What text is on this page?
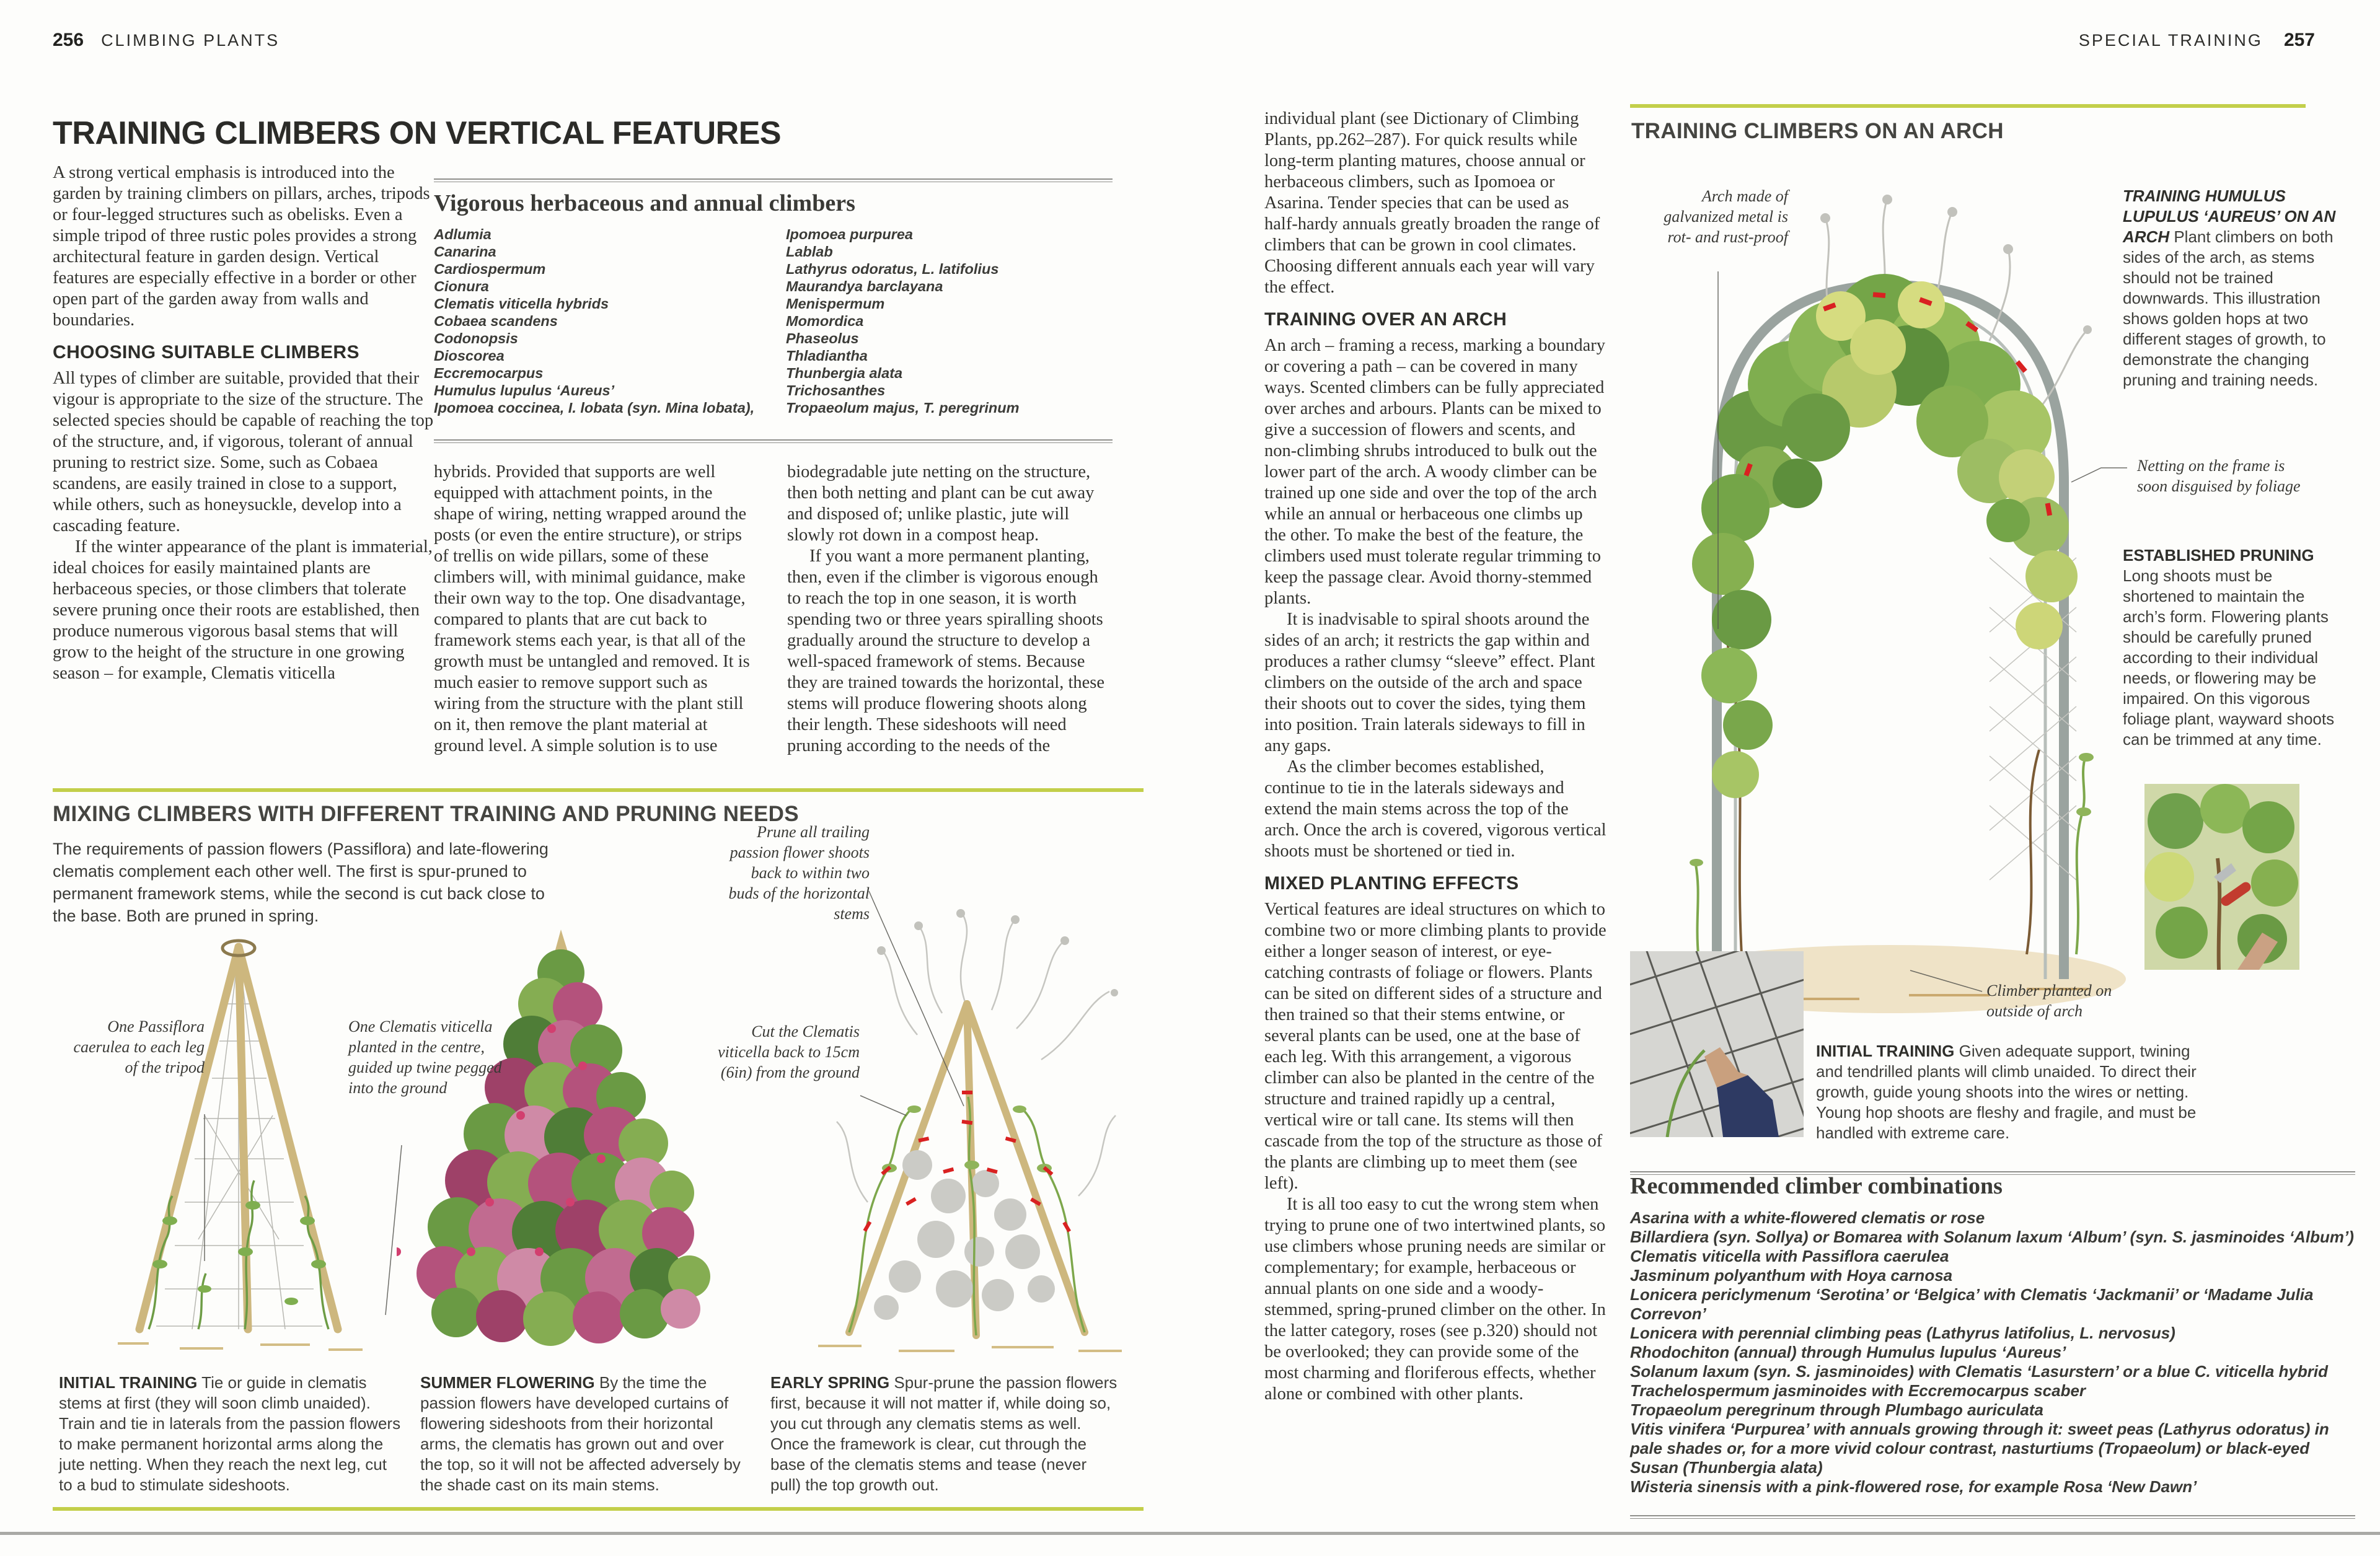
256 CLIMBING PLANTS
TRAINING CLIMBERS ON VERTICAL FEATURES
A strong vertical emphasis is introduced into the garden by training climbers on pillars, arches, tripods or four-legged structures such as obelisks. Even a simple tripod of three rustic poles provides a strong architectural feature in garden design. Vertical features are especially effective in a border or other open part of the garden away from walls and boundaries.
CHOOSING SUITABLE CLIMBERS
All types of climber are suitable, provided that their vigour is appropriate to the size of the structure. The selected species should be capable of reaching the top of the structure, and, if vigorous, tolerant of annual pruning to restrict size. Some, such as Cobaea scandens, are easily trained in close to a support, while others, such as honeysuckle, develop into a cascading feature.
If the winter appearance of the plant is immaterial, ideal choices for easily maintained plants are herbaceous species, or those climbers that tolerate severe pruning once their roots are established, then produce numerous vigorous basal stems that will grow to the height of the structure in one growing season – for example, Clematis viticella
Vigorous herbaceous and annual climbers
Adlumia
Canarina
Cardiospermum
Cionura
Clematis viticella hybrids
Cobaea scandens
Codonopsis
Dioscorea
Eccremocarpus
Humulus lupulus ‘Aureus’
Ipomoea coccinea, I. lobata (syn. Mina lobata),
Ipomoea purpurea
Lablab
Lathyrus odoratus, L. latifolius
Maurandya barclayana
Menispermum
Momordica
Phaseolus
Thladiantha
Thunbergia alata
Trichosanthes
Tropaeolum majus, T. peregrinum
hybrids. Provided that supports are well equipped with attachment points, in the shape of wiring, netting wrapped around the posts (or even the entire structure), or strips of trellis on wide pillars, some of these climbers will, with minimal guidance, make their own way to the top. One disadvantage, compared to plants that are cut back to framework stems each year, is that all of the growth must be untangled and removed. It is much easier to remove support such as wiring from the structure with the plant still on it, then remove the plant material at ground level. A simple solution is to use
biodegradable jute netting on the structure, then both netting and plant can be cut away and disposed of; unlike plastic, jute will slowly rot down in a compost heap.
If you want a more permanent planting, then, even if the climber is vigorous enough to reach the top in one season, it is worth spending two or three years spiralling shoots gradually around the structure to develop a well-spaced framework of stems. Because they are trained towards the horizontal, these stems will produce flowering shoots along their length. These sideshoots will need pruning according to the needs of the
MIXING CLIMBERS WITH DIFFERENT TRAINING AND PRUNING NEEDS
The requirements of passion flowers (Passiflora) and late-flowering clematis complement each other well. The first is spur-pruned to permanent framework stems, while the second is cut back close to the base. Both are pruned in spring.
One Passiflora caerulea to each leg of the tripod
One Clematis viticella planted in the centre, guided up twine pegged into the ground
Prune all trailing passion flower shoots back to within two buds of the horizontal stems
Cut the Clematis viticella back to 15cm (6in) from the ground
INITIAL TRAINING Tie or guide in clematis stems at first (they will soon climb unaided). Train and tie in laterals from the passion flowers to make permanent horizontal arms along the jute netting. When they reach the next leg, cut to a bud to stimulate sideshoots.
SUMMER FLOWERING By the time the passion flowers have developed curtains of flowering sideshoots from their horizontal arms, the clematis has grown out and over the top, so it will not be affected adversely by the shade cast on its main stems.
EARLY SPRING Spur-prune the passion flowers first, because it will not matter if, while doing so, you cut through any clematis stems as well. Once the framework is clear, cut through the base of the clematis stems and tease (never pull) the top growth out.
SPECIAL TRAINING 257
individual plant (see Dictionary of Climbing Plants, pp.262–287). For quick results while long-term planting matures, choose annual or herbaceous climbers, such as Ipomoea or Asarina. Tender species that can be used as half-hardy annuals greatly broaden the range of climbers that can be grown in cool climates. Choosing different annuals each year will vary the effect.
TRAINING OVER AN ARCH
An arch – framing a recess, marking a boundary or covering a path – can be covered in many ways. Scented climbers can be fully appreciated over arches and arbours. Plants can be mixed to give a succession of flowers and scents, and non-climbing shrubs introduced to bulk out the lower part of the arch. A woody climber can be trained up one side and over the top of the arch while an annual or herbaceous one climbs up the other. To make the best of the feature, the climbers used must tolerate regular trimming to keep the passage clear. Avoid thorny-stemmed plants.
It is inadvisable to spiral shoots around the sides of an arch; it restricts the gap within and produces a rather clumsy “sleeve” effect. Plant climbers on the outside of the arch and space their shoots out to cover the sides, tying them into position. Train laterals sideways to fill in any gaps.
As the climber becomes established, continue to tie in the laterals sideways and extend the main stems across the top of the arch. Once the arch is covered, vigorous vertical shoots must be shortened or tied in.
MIXED PLANTING EFFECTS
Vertical features are ideal structures on which to combine two or more climbing plants to provide either a longer season of interest, or eye-catching contrasts of foliage or flowers. Plants can be sited on different sides of a structure and then trained so that their stems entwine, or several plants can be used, one at the base of each leg. With this arrangement, a vigorous climber can also be planted in the centre of the structure and trained rapidly up a central, vertical wire or tall cane. Its stems will then cascade from the top of the structure as those of the plants are climbing up to meet them (see left).
It is all too easy to cut the wrong stem when trying to prune one of two intertwined plants, so use climbers whose pruning needs are similar or complementary; for example, herbaceous or annual plants on one side and a woody-stemmed, spring-pruned climber on the other. In the latter category, roses (see p.320) should not be overlooked; they can provide some of the most charming and floriferous effects, whether alone or combined with other plants.
TRAINING CLIMBERS ON AN ARCH
Arch made of galvanized metal is rot- and rust-proof
TRAINING HUMULUS LUPULUS ‘AUREUS’ ON AN ARCH Plant climbers on both sides of the arch, as stems should not be trained downwards. This illustration shows golden hops at two different stages of growth, to demonstrate the changing pruning and training needs.
Netting on the frame is soon disguised by foliage
ESTABLISHED PRUNING Long shoots must be shortened to maintain the arch’s form. Flowering plants should be carefully pruned according to their individual needs, or flowering may be impaired. On this vigorous foliage plant, wayward shoots can be trimmed at any time.
Climber planted on outside of arch
INITIAL TRAINING Given adequate support, twining and tendrilled plants will climb unaided. To direct their growth, guide young shoots into the wires or netting. Young hop shoots are fleshy and fragile, and must be handled with extreme care.
Recommended climber combinations
Asarina with a white-flowered clematis or rose
Billardiera (syn. Sollya) or Bomarea with Solanum laxum ‘Album’ (syn. S. jasminoides ‘Album’)
Clematis viticella with Passiflora caerulea
Jasminum polyanthum with Hoya carnosa
Lonicera periclymenum ‘Serotina’ or ‘Belgica’ with Clematis ‘Jackmanii’ or ‘Madame Julia Correvon’
Lonicera with perennial climbing peas (Lathyrus latifolius, L. nervosus)
Rhodochiton (annual) through Humulus lupulus ‘Aureus’
Solanum laxum (syn. S. jasminoides) with Clematis ‘Lasurstern’ or a blue C. viticella hybrid
Trachelospermum jasminoides with Eccremocarpus scaber
Tropaeolum peregrinum through Plumbago auriculata
Vitis vinifera ‘Purpurea’ with annuals growing through it: sweet peas (Lathyrus odoratus) in pale shades or, for a more vivid colour contrast, nasturtiums (Tropaeolum) or black-eyed Susan (Thunbergia alata)
Wisteria sinensis with a pink-flowered rose, for example Rosa ‘New Dawn’
